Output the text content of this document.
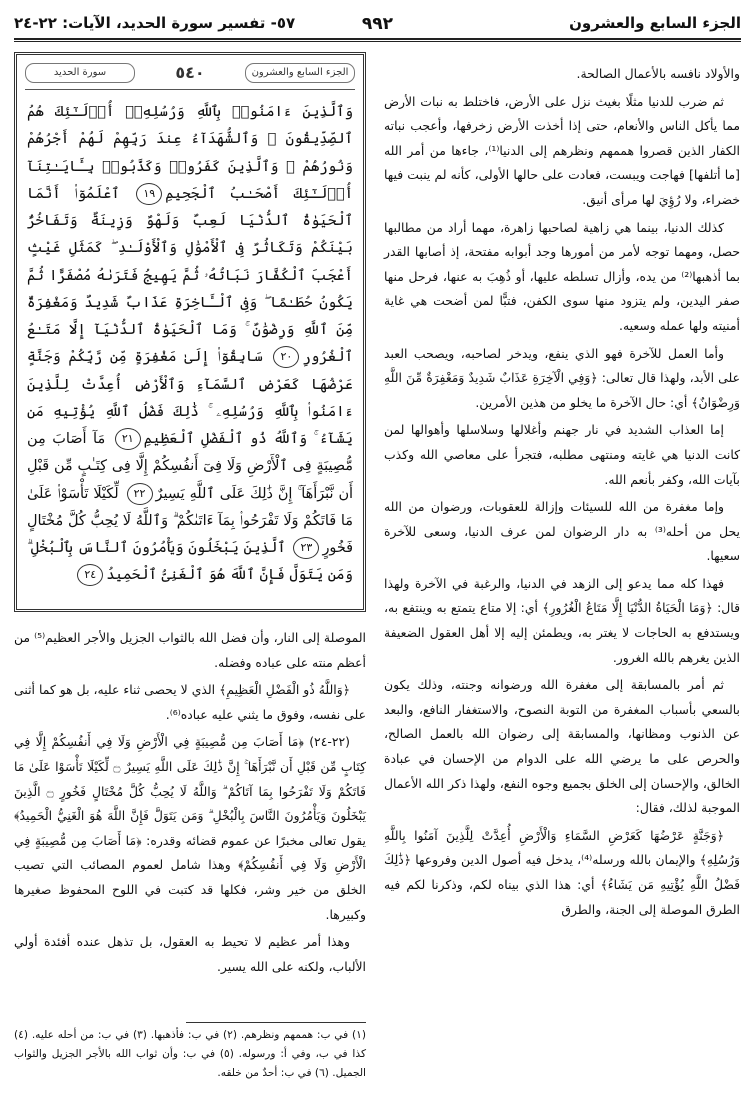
الجزء السابع والعشرون
٩٩٢
٥٧- تفسير سورة الحديد، الآيات: ٢٢-٢٤
الجزء السابع والعشرون
٥٤٠
سورة الحديد
وَٱلَّذِينَ ءَامَنُوا۟ بِٱللَّهِ وَرُسُلِهِۦٓ أُو۟لَـٰٓئِكَ هُمُ ٱلصِّدِّيقُونَ ۖ وَٱلشُّهَدَآءُ عِندَ رَبِّهِمْ لَهُمْ أَجْرُهُمْ وَنُورُهُمْ ۖ وَٱلَّذِينَ كَفَرُوا۟ وَكَذَّبُوا۟ بِـَٔايَـٰتِنَآ أُو۟لَـٰٓئِكَ أَصْحَـٰبُ ٱلْجَحِيمِ١٩ ٱعْلَمُوٓا۟ أَنَّمَا ٱلْحَيَوٰةُ ٱلدُّنْيَا لَعِبٌ وَلَهْوٌ وَزِينَةٌ وَتَفَاخُرٌۢ بَيْنَكُمْ وَتَكَاثُرٌ فِى ٱلْأَمْوَٰلِ وَٱلْأَوْلَـٰدِ ۖ كَمَثَلِ غَيْثٍ أَعْجَبَ ٱلْكُفَّارَ نَبَاتُهُۥ ثُمَّ يَهِيجُ فَتَرَىٰهُ مُصْفَرًّا ثُمَّ يَكُونُ حُطَـٰمًا ۖ وَفِى ٱلْـَٔاخِرَةِ عَذَابٌ شَدِيدٌ وَمَغْفِرَةٌ مِّنَ ٱللَّهِ وَرِضْوَٰنٌ ۚ وَمَا ٱلْحَيَوٰةُ ٱلدُّنْيَآ إِلَّا مَتَـٰعُ ٱلْغُرُورِ٢٠ سَابِقُوٓا۟ إِلَىٰ مَغْفِرَةٍ مِّن رَّبِّكُمْ وَجَنَّةٍ عَرْضُهَا كَعَرْضِ ٱلسَّمَآءِ وَٱلْأَرْضِ أُعِدَّتْ لِلَّذِينَ ءَامَنُوا۟ بِٱللَّهِ وَرُسُلِهِۦ ۚ ذَٰلِكَ فَضْلُ ٱللَّهِ يُؤْتِيهِ مَن يَشَآءُ ۚ وَٱللَّهُ ذُو ٱلْفَضْلِ ٱلْعَظِيمِ٢١ مَآ أَصَابَ مِن مُّصِيبَةٍ فِى ٱلْأَرْضِ وَلَا فِىٓ أَنفُسِكُمْ إِلَّا فِى كِتَـٰبٍ مِّن قَبْلِ أَن نَّبْرَأَهَآ ۚ إِنَّ ذَٰلِكَ عَلَى ٱللَّهِ يَسِيرٌ٢٢ لِّكَيْلَا تَأْسَوْا۟ عَلَىٰ مَا فَاتَكُمْ وَلَا تَفْرَحُوا۟ بِمَآ ءَاتَىٰكُمْ ۗ وَٱللَّهُ لَا يُحِبُّ كُلَّ مُخْتَالٍ فَخُورٍ٢٣ ٱلَّذِينَ يَبْخَلُونَ وَيَأْمُرُونَ ٱلنَّاسَ بِٱلْبُخْلِ ۗ وَمَن يَتَوَلَّ فَإِنَّ ٱللَّهَ هُوَ ٱلْغَنِىُّ ٱلْحَمِيدُ٢٤

والأولاد نافسه بالأعمال الصالحة.

ثم ضرب للدنيا مثلًا بغيث نزل على الأرض، فاختلط به نبات الأرض مما يأكل الناس والأنعام، حتى إذا أخذت الأرض زخرفها، وأعجب نباته الكفار الذين قصروا هممهم ونظرهم إلى الدنيا⁽¹⁾، جاءها من أمر الله [ما أتلفها] فهاجت ويبست، فعادت على حالها الأولى، كأنه لم ينبت فيها خضراء، ولا رُؤِيَ لها مرأى أنيق.

كذلك الدنيا، بينما هي زاهية لصاحبها زاهرة، مهما أراد من مطالبها حصل، ومهما توجه لأمر من أمورها وجد أبوابه مفتحة، إذ أصابها القدر بما أذهبها⁽²⁾ من يده، وأزال تسلطه عليها، أو ذُهِبَ به عنها، فرحل منها صفر اليدين، ولم يتزود منها سوى الكفن، فتبًّا لمن أضحت هي غاية أمنيته ولها عمله وسعيه.

وأما العمل للآخرة فهو الذي ينفع، ويدخر لصاحبه، ويصحب العبد على الأبد، ولهذا قال تعالى: ﴿وَفِي الْآخِرَةِ عَذَابٌ شَدِيدٌ وَمَغْفِرَةٌ مِّنَ اللَّهِ وَرِضْوَانٌ﴾ أي: حال الآخرة ما يخلو من هذين الأمرين.

إما العذاب الشديد في نار جهنم وأغلالها وسلاسلها وأهوالها لمن كانت الدنيا هي غايته ومنتهى مطلبه، فتجرأ على معاصي الله وكذب بآيات الله، وكفر بأنعم الله.

وإما مغفرة من الله للسيئات وإزالة للعقوبات، ورضوان من الله يحل من أحله⁽³⁾ به دار الرضوان لمن عرف الدنيا، وسعى للآخرة سعيها.

فهذا كله مما يدعو إلى الزهد في الدنيا، والرغبة في الآخرة ولهذا قال: ﴿وَمَا الْحَيَاةُ الدُّنْيَا إِلَّا مَتَاعُ الْغُرُورِ﴾ أي: إلا متاع يتمتع به وينتفع به، ويستدفع به الحاجات لا يغتر به، ويطمئن إليه إلا أهل العقول الضعيفة الذين يغرهم بالله الغرور.

ثم أمر بالمسابقة إلى مغفرة الله ورضوانه وجنته، وذلك يكون بالسعي بأسباب المغفرة من التوبة النصوح، والاستغفار النافع، والبعد عن الذنوب ومظانها، والمسابقة إلى رضوان الله بالعمل الصالح، والحرص على ما يرضي الله على الدوام من الإحسان في عبادة الخالق، والإحسان إلى الخلق بجميع وجوه النفع، ولهذا ذكر الله الأعمال الموجبة لذلك، فقال:

﴿وَجَنَّةٍ عَرْضُهَا كَعَرْضِ السَّمَاءِ وَالْأَرْضِ أُعِدَّتْ لِلَّذِينَ آمَنُوا بِاللَّهِ وَرُسُلِهِ﴾ والإيمان بالله ورسله⁽⁴⁾، يدخل فيه أصول الدين وفروعها ﴿ذَٰلِكَ فَضْلُ اللَّهِ يُؤْتِيهِ مَن يَشَاءُ﴾ أي: هذا الذي بيناه لكم، وذكرنا لكم فيه الطرق الموصلة إلى الجنة، والطرق

الموصلة إلى النار، وأن فضل الله بالثواب الجزيل والأجر العظيم⁽⁵⁾ من أعظم منته على عباده وفضله.

﴿وَاللَّهُ ذُو الْفَضْلِ الْعَظِيمِ﴾ الذي لا يحصى ثناء عليه، بل هو كما أثنى على نفسه، وفوق ما يثني عليه عباده⁽⁶⁾.

(٢٢-٢٤) ﴿مَا أَصَابَ مِن مُّصِيبَةٍ فِي الْأَرْضِ وَلَا فِي أَنفُسِكُمْ إِلَّا فِي كِتَابٍ مِّن قَبْلِ أَن نَّبْرَأَهَا ۚ إِنَّ ذَٰلِكَ عَلَى اللَّهِ يَسِيرٌ ۝ لِّكَيْلَا تَأْسَوْا عَلَىٰ مَا فَاتَكُمْ وَلَا تَفْرَحُوا بِمَا آتَاكُمْ ۗ وَاللَّهُ لَا يُحِبُّ كُلَّ مُخْتَالٍ فَخُورٍ ۝ الَّذِينَ يَبْخَلُونَ وَيَأْمُرُونَ النَّاسَ بِالْبُخْلِ ۗ وَمَن يَتَوَلَّ فَإِنَّ اللَّهَ هُوَ الْغَنِيُّ الْحَمِيدُ﴾ يقول تعالى مخبرًا عن عموم قضائه وقدره: ﴿مَا أَصَابَ مِن مُّصِيبَةٍ فِي الْأَرْضِ وَلَا فِي أَنفُسِكُمْ﴾ وهذا شامل لعموم المصائب التي تصيب الخلق من خير وشر، فكلها قد كتبت في اللوح المحفوظ صغيرها وكبيرها.

وهذا أمر عظيم لا تحيط به العقول، بل تذهل عنده أفئدة أولي الألباب، ولكنه على الله يسير.

(١) في ب: هممهم ونظرهم. (٢) في ب: فأذهبها. (٣) في ب: من أحله عليه. (٤) كذا في ب، وفي أ: ورسوله. (٥) في ب: وأن ثواب الله بالأجر الجزيل والثواب الجميل. (٦) في ب: أحدٌ من خلقه.
